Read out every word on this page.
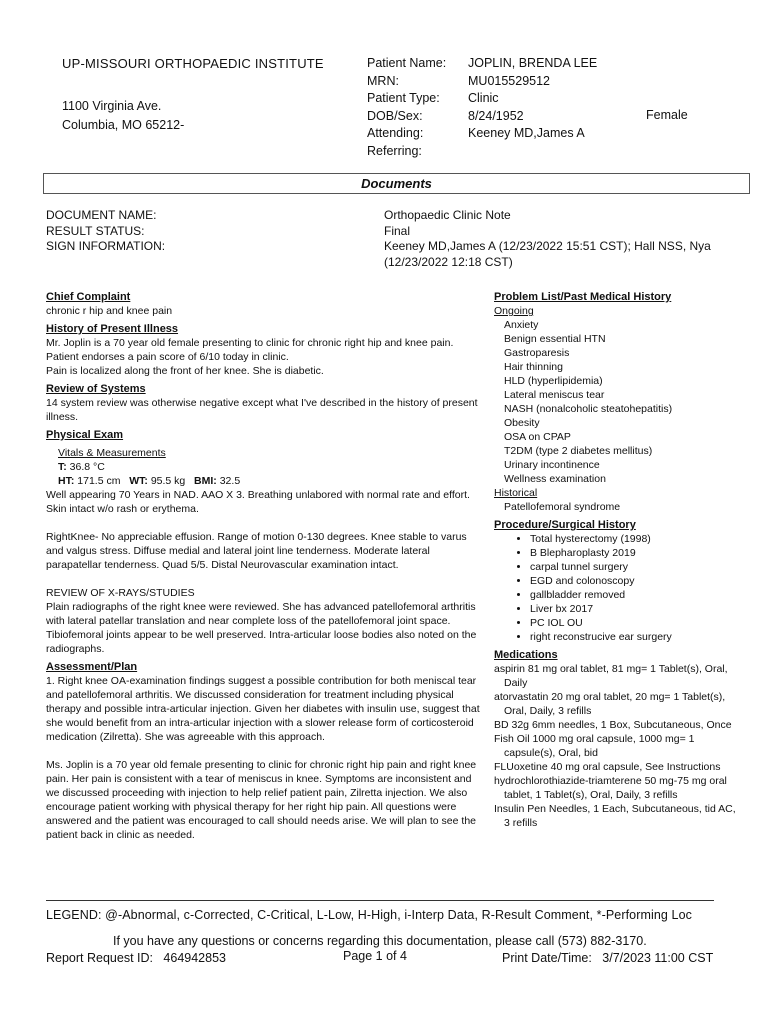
UP-MISSOURI ORTHOPAEDIC INSTITUTE
1100 Virginia Ave.
Columbia, MO 65212-
Patient Name:
MRN:
Patient Type:
DOB/Sex:
Attending:
Referring:
JOPLIN, BRENDA LEE
MU015529512
Clinic
8/24/1952
Keeney MD,James A
Female
Documents
DOCUMENT NAME:
RESULT STATUS:
SIGN INFORMATION:
Orthopaedic Clinic Note
Final
Keeney MD,James A (12/23/2022 15:51 CST); Hall NSS, Nya (12/23/2022 12:18 CST)
Chief Complaint

chronic r hip and knee pain

History of Present Illness

Mr. Joplin is a 70 year old female presenting to clinic for chronic right hip and knee pain. Patient endorses a pain score of 6/10 today in clinic.

Pain is localized along the front of her knee. She is diabetic.

Review of Systems

14 system review was otherwise negative except what I've described in the history of present illness.

Physical Exam
Vitals & Measurements
T: 36.8 °C
HT: 171.5 cm WT: 95.5 kg BMI: 32.5

Well appearing 70 Years in NAD. AAO X 3. Breathing unlabored with normal rate and effort. Skin intact w/o rash or erythema.

RightKnee- No appreciable effusion. Range of motion 0-130 degrees. Knee stable to varus and valgus stress. Diffuse medial and lateral joint line tenderness. Moderate lateral parapatellar tenderness. Quad 5/5. Distal Neurovascular examination intact.

REVIEW OF X-RAYS/STUDIES

Plain radiographs of the right knee were reviewed. She has advanced patellofemoral arthritis with lateral patellar translation and near complete loss of the patellofemoral joint space. Tibiofemoral joints appear to be well preserved. Intra-articular loose bodies also noted on the radiographs.

Assessment/Plan

1. Right knee OA-examination findings suggest a possible contribution for both meniscal tear and patellofemoral arthritis. We discussed consideration for treatment including physical therapy and possible intra-articular injection. Given her diabetes with insulin use, suggest that she would benefit from an intra-articular injection with a slower release form of corticosteroid medication (Zilretta). She was agreeable with this approach.

Ms. Joplin is a 70 year old female presenting to clinic for chronic right hip pain and right knee pain. Her pain is consistent with a tear of meniscus in knee. Symptoms are inconsistent and we discussed proceeding with injection to help relief patient pain, Zilretta injection. We also encourage patient working with physical therapy for her right hip pain. All questions were answered and the patient was encouraged to call should needs arise. We will plan to see the patient back in clinic as needed.

Problem List/Past Medical History
Ongoing
Anxiety
Benign essential HTN
Gastroparesis
Hair thinning
HLD (hyperlipidemia)
Lateral meniscus tear
NASH (nonalcoholic steatohepatitis)
Obesity
OSA on CPAP
T2DM (type 2 diabetes mellitus)
Urinary incontinence
Wellness examination
Historical
Patellofemoral syndrome
Procedure/Surgical History
• Total hysterectomy (1998)
• B Blepharoplasty 2019
• carpal tunnel surgery
• EGD and colonoscopy
• gallbladder removed
• Liver bx 2017
• PC IOL OU
• right reconstrucive ear surgery
Medications
aspirin 81 mg oral tablet, 81 mg= 1 Tablet(s), Oral, Daily
atorvastatin 20 mg oral tablet, 20 mg= 1 Tablet(s), Oral, Daily, 3 refills
BD 32g 6mm needles, 1 Box, Subcutaneous, Once
Fish Oil 1000 mg oral capsule, 1000 mg= 1 capsule(s), Oral, bid
FLUoxetine 40 mg oral capsule, See Instructions
hydrochlorothiazide-triamterene 50 mg-75 mg oral tablet, 1 Tablet(s), Oral, Daily, 3 refills
Insulin Pen Needles, 1 Each, Subcutaneous, tid AC, 3 refills
LEGEND: @-Abnormal, c-Corrected, C-Critical, L-Low, H-High, i-Interp Data, R-Result Comment, *-Performing Loc
If you have any questions or concerns regarding this documentation, please call (573) 882-3170.
Report Request ID: 464942853	Page 1 of 4	Print Date/Time: 3/7/2023 11:00 CST
